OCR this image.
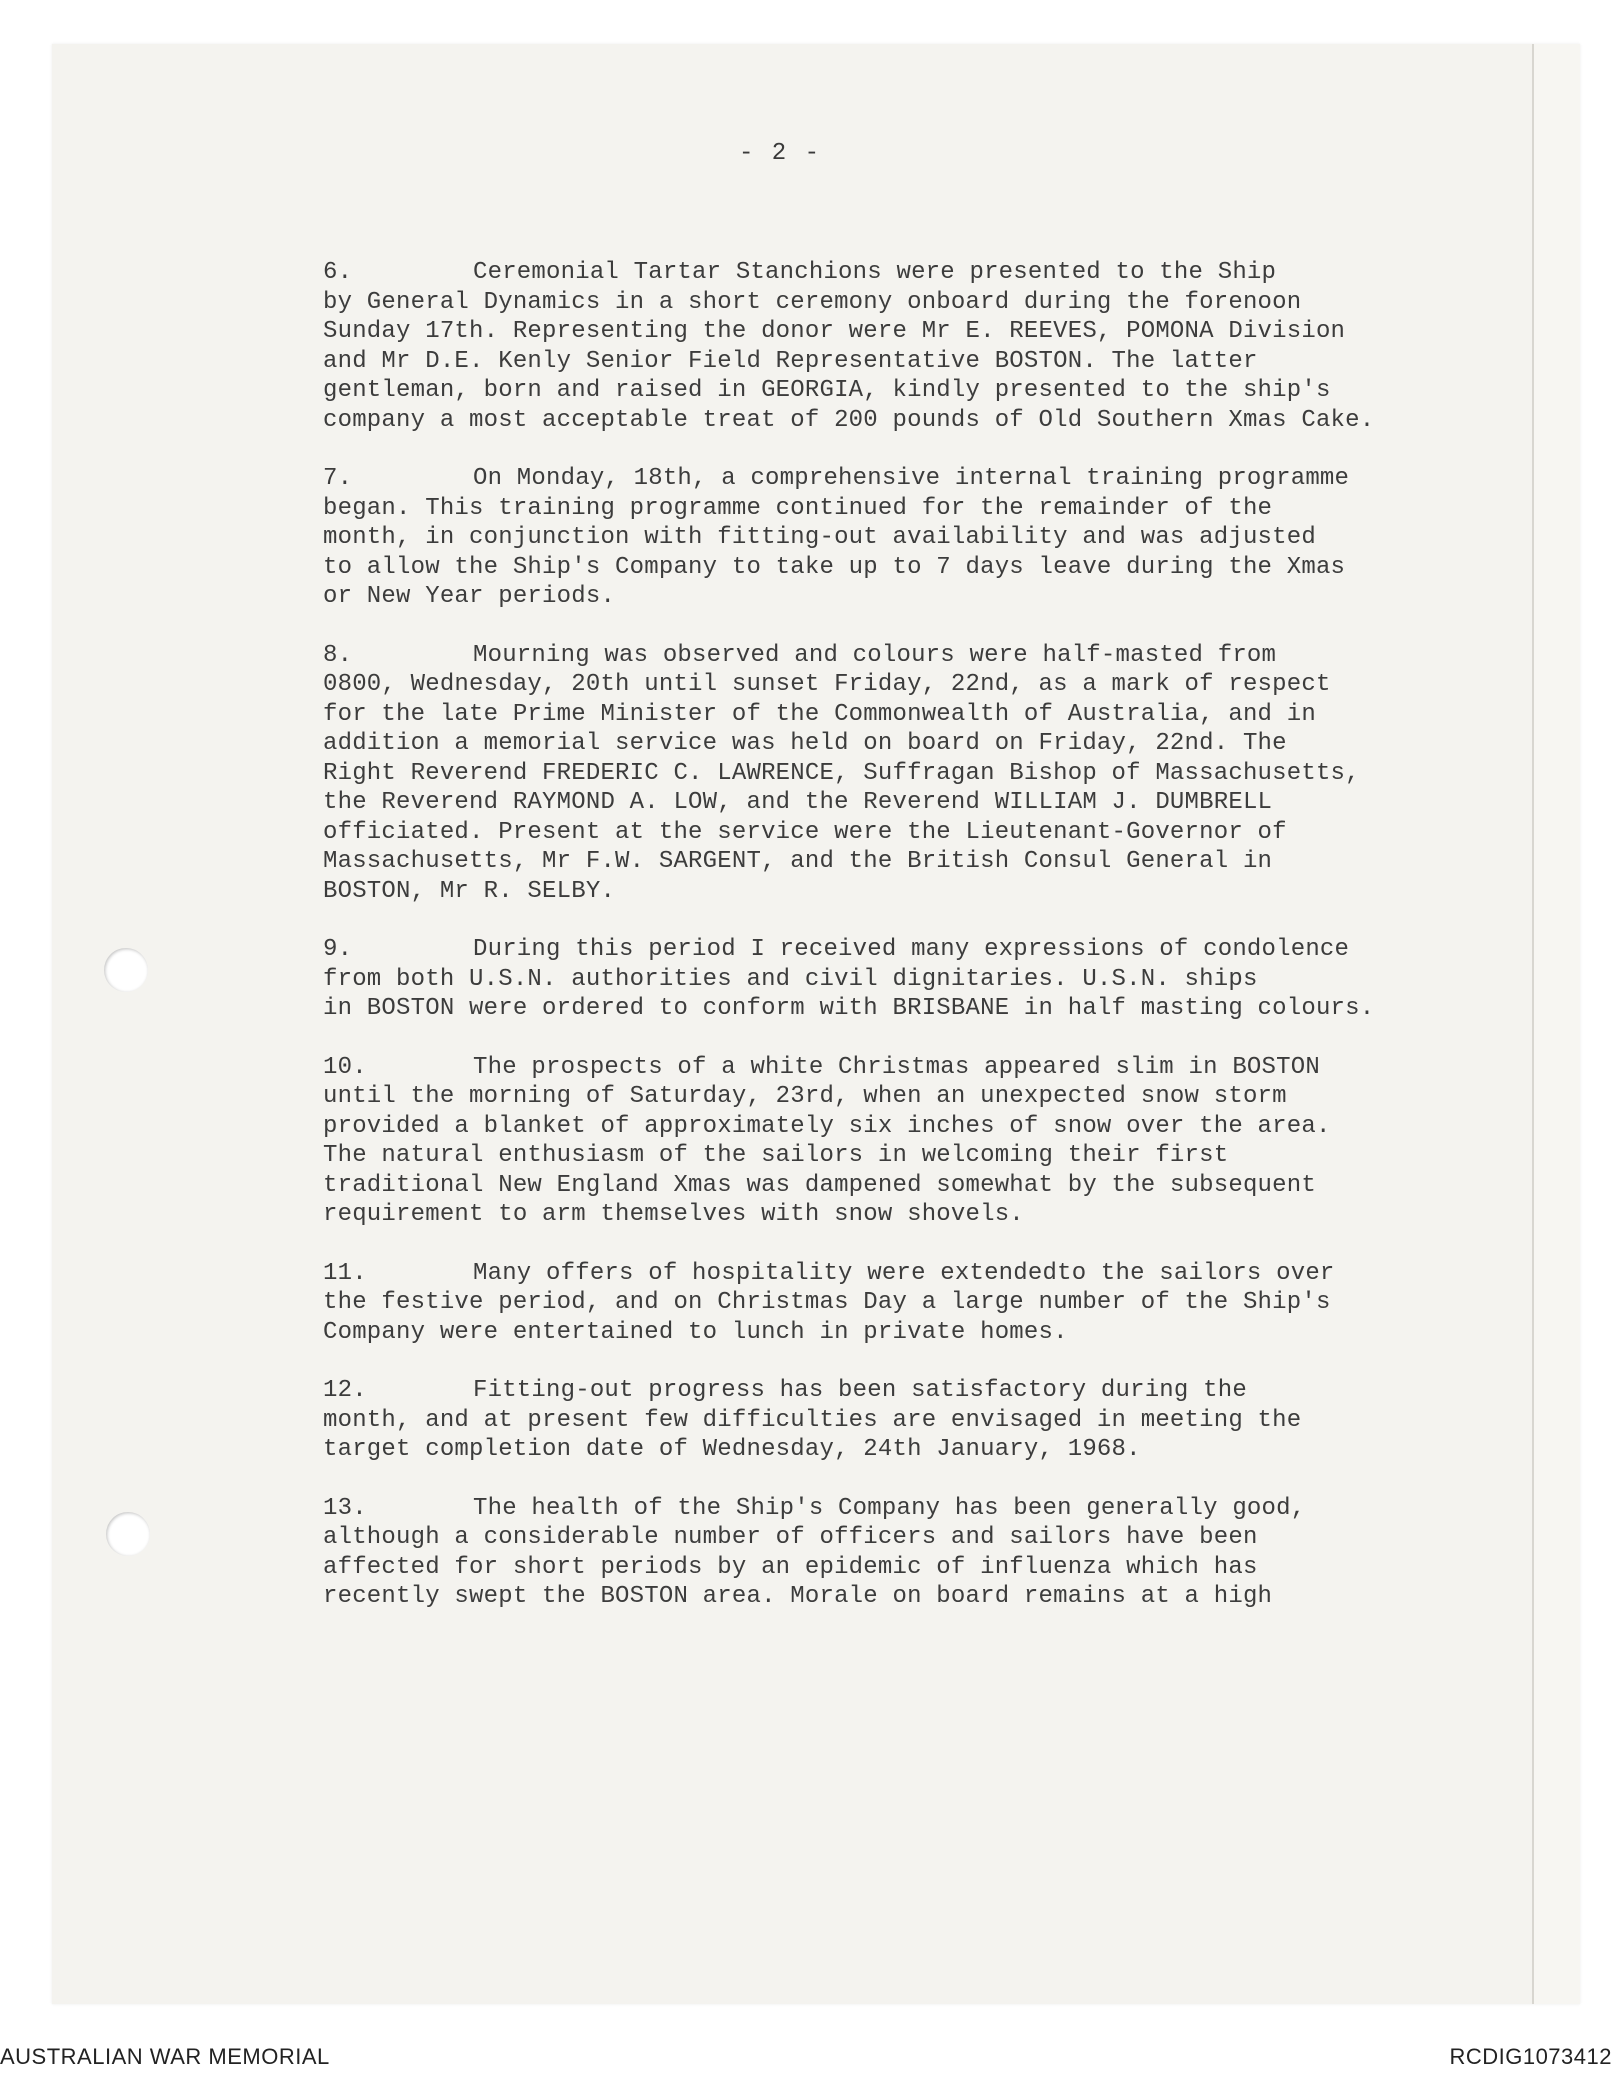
- 2 -

6.	Ceremonial Tartar Stanchions were presented to the Ship
by General Dynamics in a short ceremony onboard during the forenoon
Sunday 17th. Representing the donor were Mr E. REEVES, POMONA Division
and Mr D.E. Kenly Senior Field Representative BOSTON. The latter
gentleman, born and raised in GEORGIA, kindly presented to the ship's
company a most acceptable treat of 200 pounds of Old Southern Xmas Cake.

7.	On Monday, 18th, a comprehensive internal training programme
began. This training programme continued for the remainder of the
month, in conjunction with fitting-out availability and was adjusted
to allow the Ship's Company to take up to 7 days leave during the Xmas
or New Year periods.

8.	Mourning was observed and colours were half-masted from
0800, Wednesday, 20th until sunset Friday, 22nd, as a mark of respect
for the late Prime Minister of the Commonwealth of Australia, and in
addition a memorial service was held on board on Friday, 22nd. The
Right Reverend FREDERIC C. LAWRENCE, Suffragan Bishop of Massachusetts,
the Reverend RAYMOND A. LOW, and the Reverend WILLIAM J. DUMBRELL
officiated. Present at the service were the Lieutenant-Governor of
Massachusetts, Mr F.W. SARGENT, and the British Consul General in
BOSTON, Mr R. SELBY.

9.	During this period I received many expressions of condolence
from both U.S.N. authorities and civil dignitaries. U.S.N. ships
in BOSTON were ordered to conform with BRISBANE in half masting colours.

10.	The prospects of a white Christmas appeared slim in BOSTON
until the morning of Saturday, 23rd, when an unexpected snow storm
provided a blanket of approximately six inches of snow over the area.
The natural enthusiasm of the sailors in welcoming their first
traditional New England Xmas was dampened somewhat by the subsequent
requirement to arm themselves with snow shovels.

11.	Many offers of hospitality were extendedto the sailors over
the festive period, and on Christmas Day a large number of the Ship's
Company were entertained to lunch in private homes.

12.	Fitting-out progress has been satisfactory during the
month, and at present few difficulties are envisaged in meeting the
target completion date of Wednesday, 24th January, 1968.

13.	The health of the Ship's Company has been generally good,
although a considerable number of officers and sailors have been
affected for short periods by an epidemic of influenza which has
recently swept the BOSTON area. Morale on board remains at a high

AUSTRALIAN WAR MEMORIAL	RCDIG1073412
